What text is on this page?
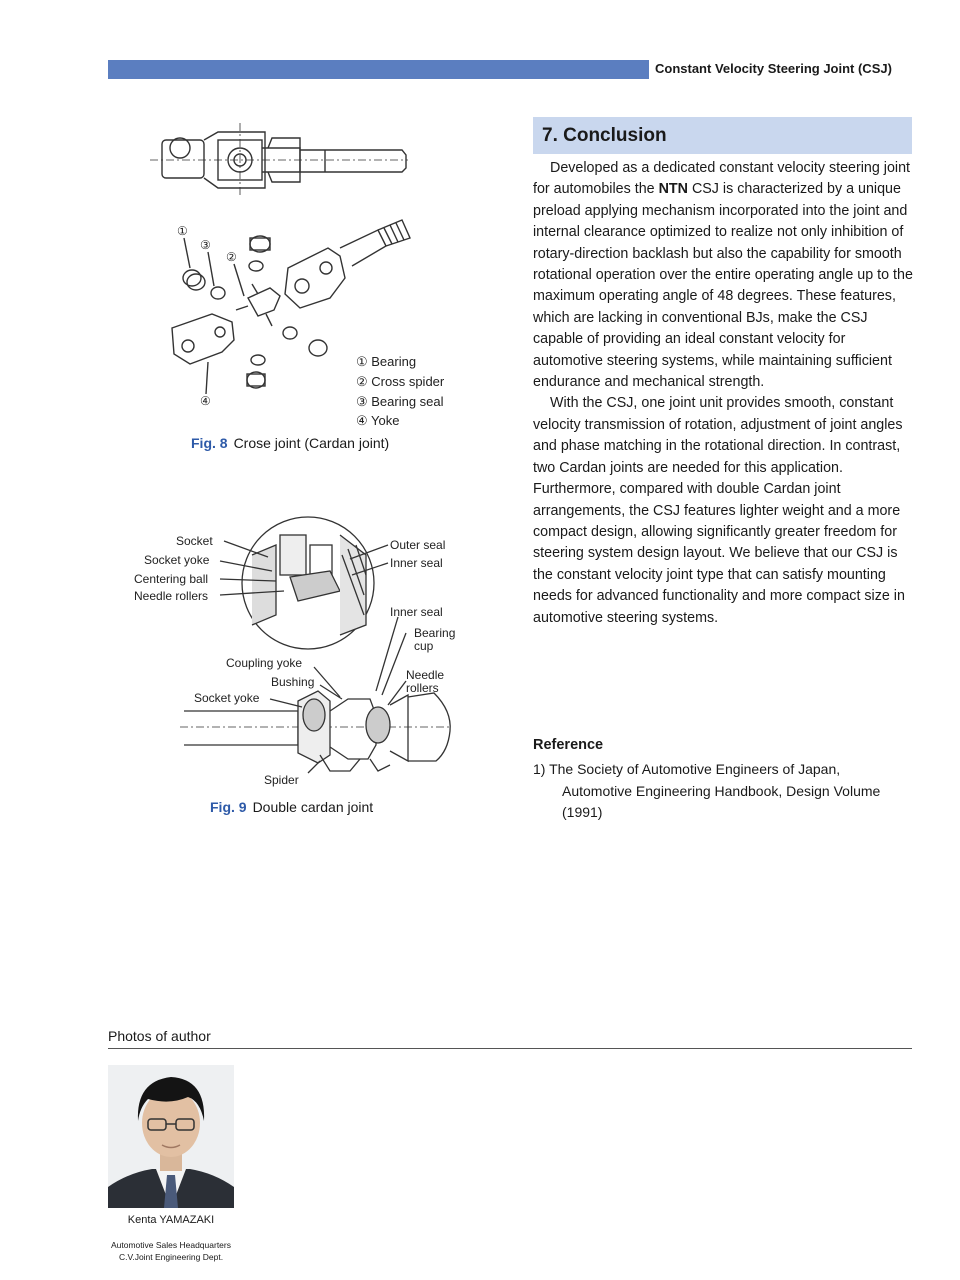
Constant Velocity Steering Joint (CSJ)
①
③
②
④
① Bearing
② Cross spider
③ Bearing seal
④ Yoke
Fig. 8 Crose joint (Cardan joint)
Socket
Socket yoke
Centering ball
Needle rollers
Outer seal
Inner seal
Inner seal
Bearing
cup
Coupling yoke
Bushing	Needle
rollers
Socket yoke
Spider
Fig. 9 Double cardan joint
7. Conclusion

Developed as a dedicated constant velocity steering joint for automobiles the NTN CSJ is characterized by a unique preload applying mechanism incorporated into the joint and internal clearance optimized to realize not only inhibition of rotary-direction backlash but also the capability for smooth rotational operation over the entire operating angle up to the maximum operating angle of 48 degrees. These features, which are lacking in conventional BJs, make the CSJ capable of providing an ideal constant velocity for automotive steering systems, while maintaining sufficient endurance and mechanical strength.

With the CSJ, one joint unit provides smooth, constant velocity transmission of rotation, adjustment of joint angles and phase matching in the rotational direction. In contrast, two Cardan joints are needed for this application. Furthermore, compared with double Cardan joint arrangements, the CSJ features lighter weight and a more compact design, allowing significantly greater freedom for steering system design layout. We believe that our CSJ is the constant velocity joint type that can satisfy mounting needs for advanced functionality and more compact size in automotive steering systems.

Reference
1) The Society of Automotive Engineers of Japan,
Automotive Engineering Handbook, Design Volume (1991)
Photos of author
Kenta YAMAZAKI
Automotive Sales Headquarters
C.V.Joint Engineering Dept.
